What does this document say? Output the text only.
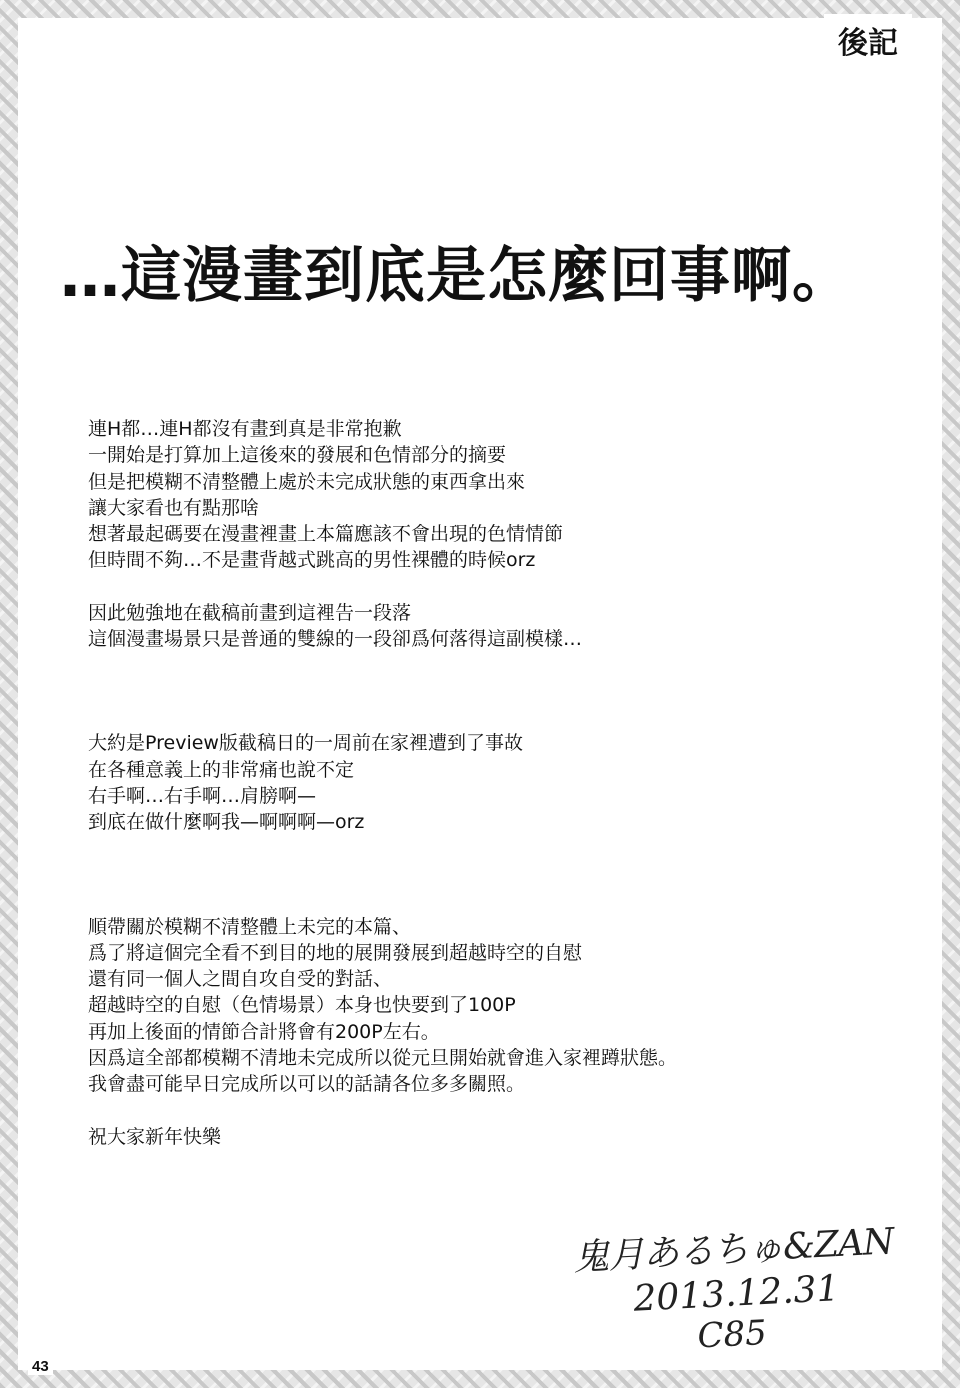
後記
…這漫畫到底是怎麼回事啊。
連H都…連H都沒有畫到真是非常抱歉
一開始是打算加上這後來的發展和色情部分的摘要
但是把模糊不清整體上處於未完成狀態的東西拿出來
讓大家看也有點那啥
想著最起碼要在漫畫裡畫上本篇應該不會出現的色情情節
但時間不夠…不是畫背越式跳高的男性裸體的時候orz
因此勉強地在截稿前畫到這裡告一段落
這個漫畫場景只是普通的雙線的一段卻爲何落得這副模樣…
大約是Preview版截稿日的一周前在家裡遭到了事故
在各種意義上的非常痛也說不定
右手啊…右手啊…肩膀啊—
到底在做什麼啊我—啊啊啊—orz
順帶關於模糊不清整體上未完的本篇、
爲了將這個完全看不到目的地的展開發展到超越時空的自慰
還有同一個人之間自攻自受的對話、
超越時空的自慰（色情場景）本身也快要到了100P
再加上後面的情節合計將會有200P左右。
因爲這全部都模糊不清地未完成所以從元旦開始就會進入家裡蹲狀態。
我會盡可能早日完成所以可以的話請各位多多關照。
祝大家新年快樂
鬼月あるちゅ&ZAN
2013.12.31
C85
43
